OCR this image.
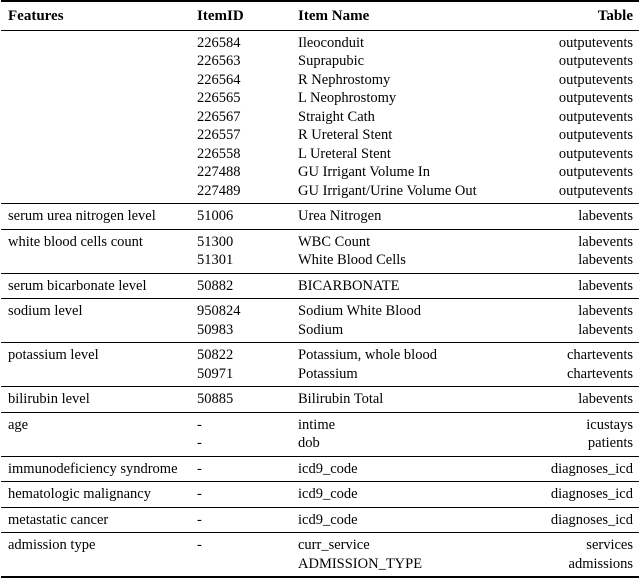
Features	ItemID	Item Name	Table
	226584	Ileoconduit	outputevents
	226563	Suprapubic	outputevents
	226564	R Nephrostomy	outputevents
	226565	L Neophrostomy	outputevents
	226567	Straight Cath	outputevents
	226557	R Ureteral Stent	outputevents
	226558	L Ureteral Stent	outputevents
	227488	GU Irrigant Volume In	outputevents
	227489	GU Irrigant/Urine Volume Out	outputevents
serum urea nitrogen level	51006	Urea Nitrogen	labevents
white blood cells count	51300	WBC Count	labevents
	51301	White Blood Cells	labevents
serum bicarbonate level	50882	BICARBONATE	labevents
sodium level	950824	Sodium White Blood	labevents
	50983	Sodium	labevents
potassium level	50822	Potassium, whole blood	chartevents
	50971	Potassium	chartevents
bilirubin level	50885	Bilirubin Total	labevents
age	-	intime	icustays
	-	dob	patients
immunodeficiency syndrome	-	icd9_code	diagnoses_icd
hematologic malignancy	-	icd9_code	diagnoses_icd
metastatic cancer	-	icd9_code	diagnoses_icd
admission type	-	curr_service	services
		ADMISSION_TYPE	admissions
